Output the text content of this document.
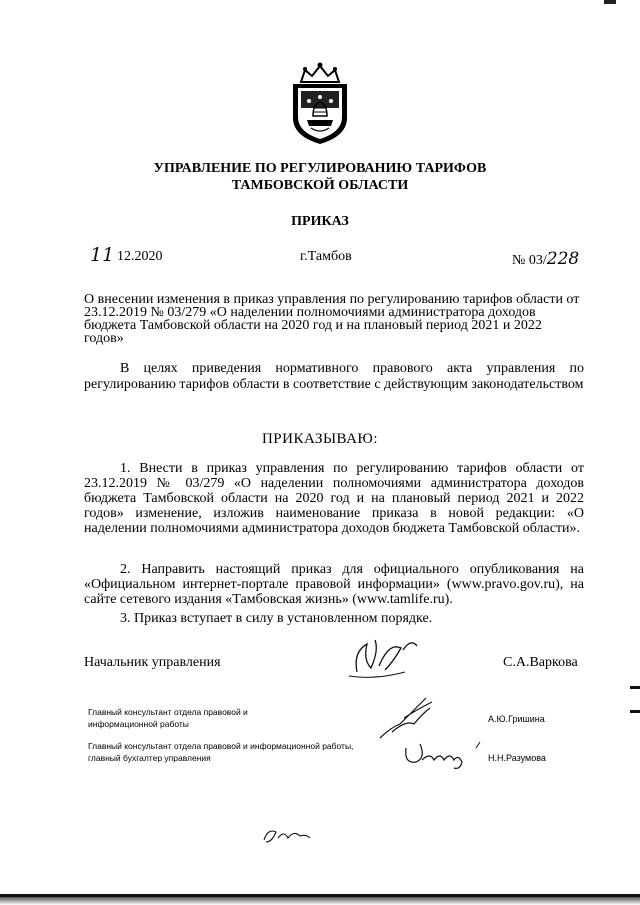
УПРАВЛЕНИЕ ПО РЕГУЛИРОВАНИЮ ТАРИФОВ
ТАМБОВСКОЙ ОБЛАСТИ
ПРИКАЗ
11 12.2020	г.Тамбов	№ 03/228
О внесении изменения в приказ управления по регулированию тарифов области от 23.12.2019 № 03/279 «О наделении полномочиями администратора доходов бюджета Тамбовской области на 2020 год и на плановый период 2021 и 2022 годов»
В целях приведения нормативного правового акта управления по регулированию тарифов области в соответствие с действующим законодательством
ПРИКАЗЫВАЮ:
1. Внести в приказ управления по регулированию тарифов области от 23.12.2019 № 03/279 «О наделении полномочиями администратора доходов бюджета Тамбовской области на 2020 год и на плановый период 2021 и 2022 годов» изменение, изложив наименование приказа в новой редакции: «О наделении полномочиями администратора доходов бюджета Тамбовской области».
2. Направить настоящий приказ для официального опубликования на «Официальном интернет-портале правовой информации» (www.pravo.gov.ru), на сайте сетевого издания «Тамбовская жизнь» (www.tamlife.ru).
3. Приказ вступает в силу в установленном порядке.
Начальник управления	С.А.Варкова
Главный консультант отдела правовой и информационной работы	А.Ю.Гришина
Главный консультант отдела правовой и информационной работы, главный бухгалтер управления	Н.Н.Разумова
